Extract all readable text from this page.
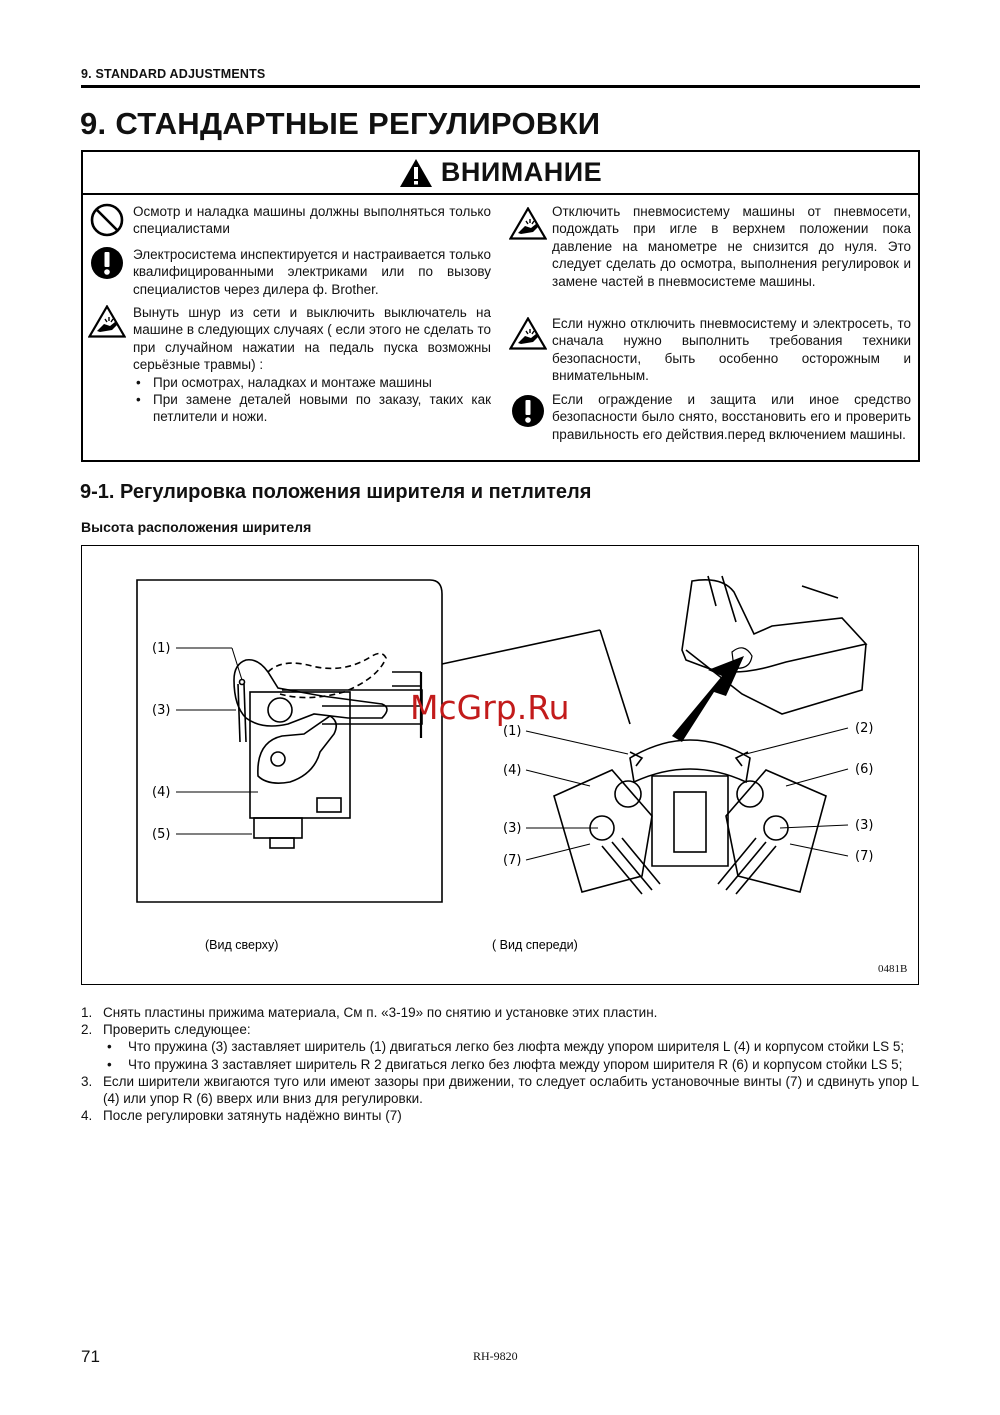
9. STANDARD ADJUSTMENTS
9. СТАНДАРТНЫЕ РЕГУЛИРОВКИ
ВНИМАНИЕ

Осмотр и наладка машины должны выполняться только специалистами

Электросистема инспектируется и настраивается только квалифицированными электриками или по вызову специалистов через дилера ф. Brother.

Вынуть шнур из сети и выключить выключатель на машине в следующих случаях ( если этого не сделать то при случайном нажатии на педаль пуска возможны серьёзные травмы) :

• При осмотрах, наладках и монтаже машины

• При замене деталей новыми по заказу, таких как петлители и ножи.

Отключить пневмосистему машины от пневмосети, подождать при игле в верхнем положении пока давление на манометре не снизится до нуля. Это следует сделать до осмотра, выполнения регулировок и замене частей в пневмосистеме машины.

Если нужно отключить пневмосистему и электросеть, то сначала нужно выполнить требования техники безопасности, быть особенно осторожным и внимательным.

Если ограждение и защита или иное средство безопасности было снято, восстановить его и проверить правильность его действия.перед включением машины.

9-1. Регулировка положения ширителя и петлителя
Высота расположения ширителя
(1)
(3)
(4)
(5)
(1)
(4)
(3)
(7)
(2)
(6)
(3)
(7)
(Вид сверху)	( Вид спереди)
McGrp.Ru
0481B
1. Снять пластины прижима материала, См п. «3-19» по снятию и установке этих пластин.
2. Проверить следующее:
• Что пружина (3) заставляет ширитель (1) двигаться легко без люфта между упором ширителя L (4) и корпусом стойки LS 5;
• Что пружина 3 заставляет ширитель R 2 двигаться легко без люфта между упором ширителя R (6) и корпусом стойки LS 5;
3. Если ширители жвигаются туго или имеют зазоры при движении, то следует ослабить установочные винты (7) и сдвинуть упор L (4) или упор R (6) вверх или вниз для регулировки.
4. После регулировки затянуть надёжно винты (7)
71	RH-9820
